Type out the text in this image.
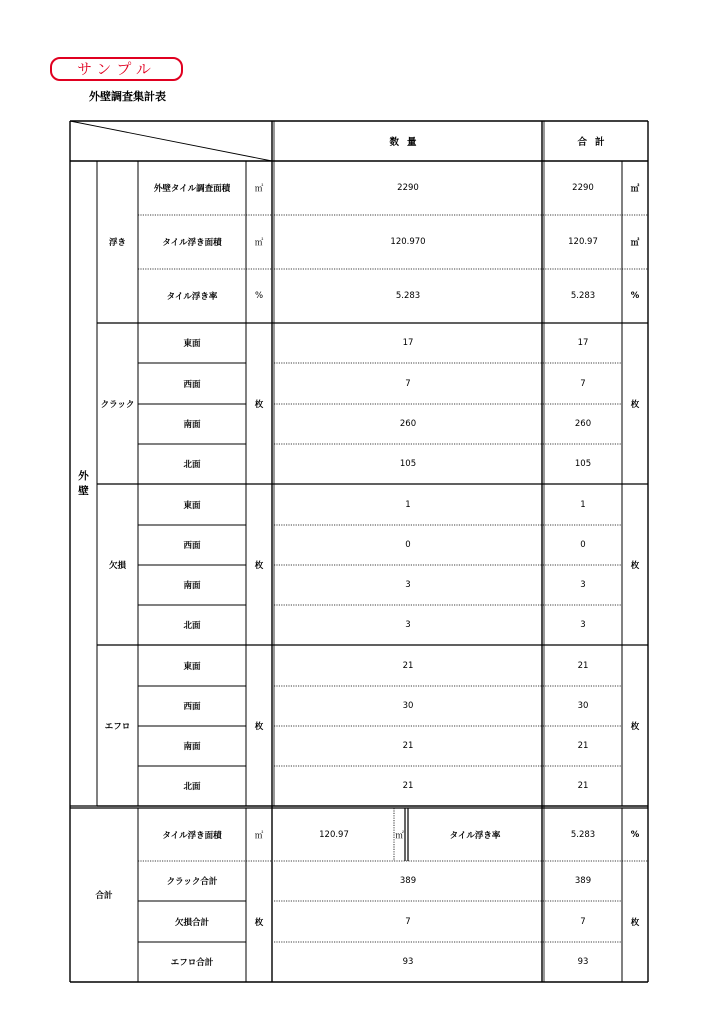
サンプル
外壁調査集計表
数量	合計
外
壁
浮き
外壁タイル調査面積	㎡	2290	2290	㎡
タイル浮き面積	㎡	120.970	120.97	㎡
タイル浮き率	%	5.283	5.283	%
クラック	枚	枚
東面	17	17
西面	7	7
南面	260	260
北面	105	105
欠損	枚	枚
東面	1	1
西面	0	0
南面	3	3
北面	3	3
エフロ	枚	枚
東面	21	21
西面	30	30
南面	21	21
北面	21	21
合計
タイル浮き面積	㎡	120.97	㎡	タイル浮き率	5.283	%
枚	枚
クラック合計	389	389
欠損合計	7	7
エフロ合計	93	93
